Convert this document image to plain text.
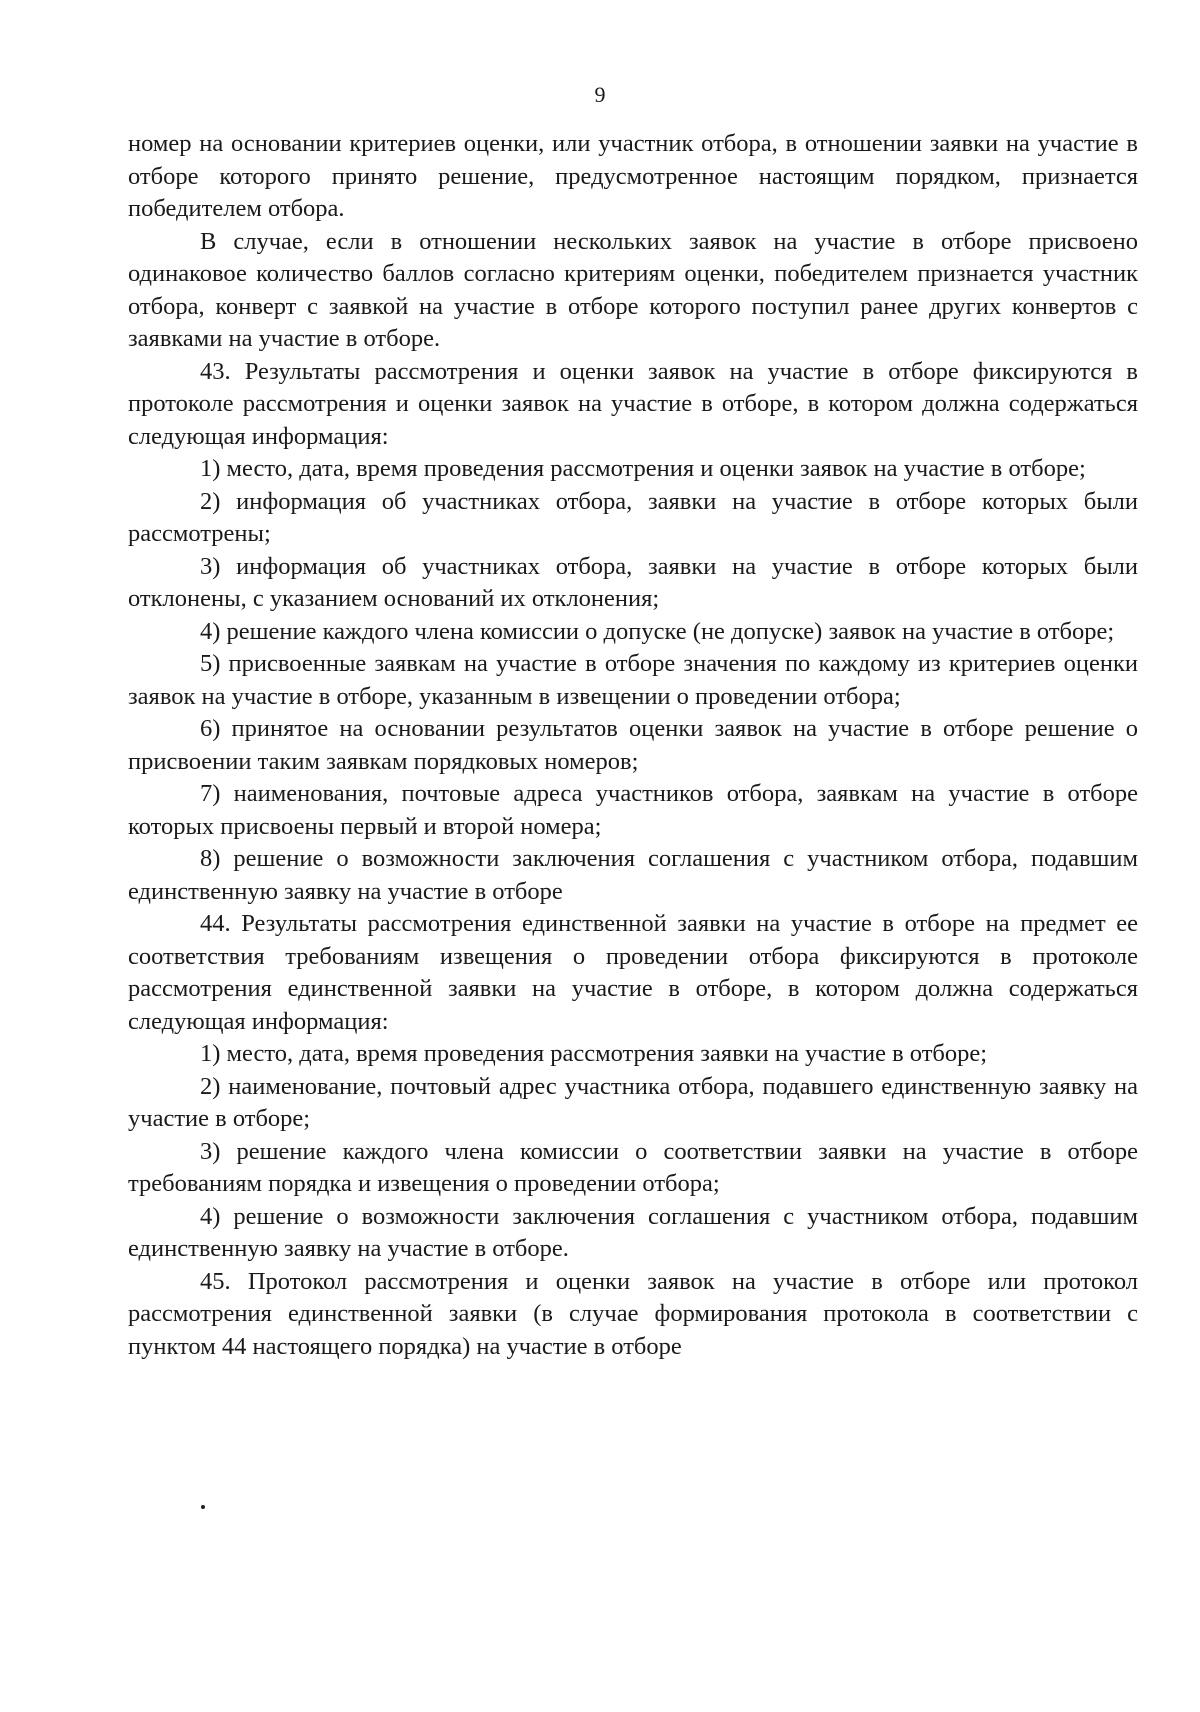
9

номер на основании критериев оценки, или участник отбора, в отношении заявки на участие в отборе которого принято решение, предусмотренное настоящим порядком, признается победителем отбора.

В случае, если в отношении нескольких заявок на участие в отборе присвоено одинаковое количество баллов согласно критериям оценки, победителем признается участник отбора, конверт с заявкой на участие в отборе которого поступил ранее других конвертов с заявками на участие в отборе.

43. Результаты рассмотрения и оценки заявок на участие в отборе фиксируются в протоколе рассмотрения и оценки заявок на участие в отборе, в котором должна содержаться следующая информация:

1) место, дата, время проведения рассмотрения и оценки заявок на участие в отборе;

2) информация об участниках отбора, заявки на участие в отборе которых были рассмотрены;

3) информация об участниках отбора, заявки на участие в отборе которых были отклонены, с указанием оснований их отклонения;

4) решение каждого члена комиссии о допуске (не допуске) заявок на участие в отборе;

5) присвоенные заявкам на участие в отборе значения по каждому из критериев оценки заявок на участие в отборе, указанным в извещении о проведении отбора;

6) принятое на основании результатов оценки заявок на участие в отборе решение о присвоении таким заявкам порядковых номеров;

7) наименования, почтовые адреса участников отбора, заявкам на участие в отборе которых присвоены первый и второй номера;

8) решение о возможности заключения соглашения с участником отбора, подавшим единственную заявку на участие в отборе

44. Результаты рассмотрения единственной заявки на участие в отборе на предмет ее соответствия требованиям извещения о проведении отбора фиксируются в протоколе рассмотрения единственной заявки на участие в отборе, в котором должна содержаться следующая информация:

1) место, дата, время проведения рассмотрения заявки на участие в отборе;

2) наименование, почтовый адрес участника отбора, подавшего единственную заявку на участие в отборе;

3) решение каждого члена комиссии о соответствии заявки на участие в отборе требованиям порядка и извещения о проведении отбора;

4) решение о возможности заключения соглашения с участником отбора, подавшим единственную заявку на участие в отборе.

45. Протокол рассмотрения и оценки заявок на участие в отборе или протокол рассмотрения единственной заявки (в случае формирования протокола в соответствии с пунктом 44 настоящего порядка) на участие в отборе
